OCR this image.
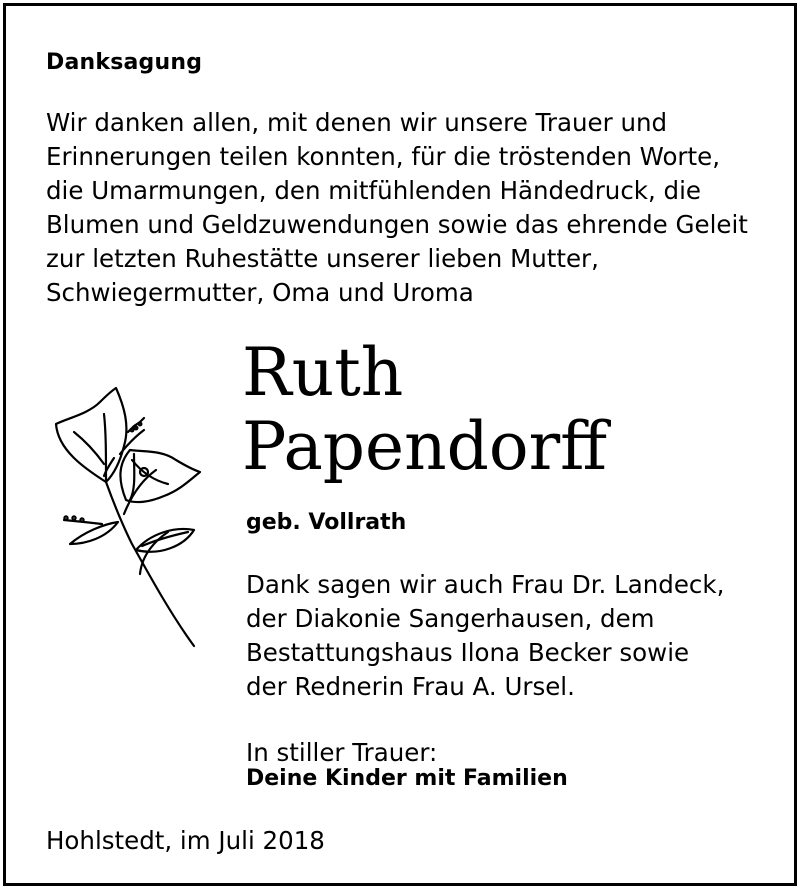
Danksagung
Wir danken allen, mit denen wir unsere Trauer und
Erinnerungen teilen konnten, für die tröstenden Worte,
die Umarmungen, den mitfühlenden Händedruck, die
Blumen und Geldzuwendungen sowie das ehrende Geleit
zur letzten Ruhestätte unserer lieben Mutter,
Schwiegermutter, Oma und Uroma
Ruth
Papendorff
geb. Vollrath
Dank sagen wir auch Frau Dr. Landeck,
der Diakonie Sangerhausen, dem
Bestattungshaus Ilona Becker sowie
der Rednerin Frau A. Ursel.
In stiller Trauer:
Deine Kinder mit Familien
Hohlstedt, im Juli 2018
